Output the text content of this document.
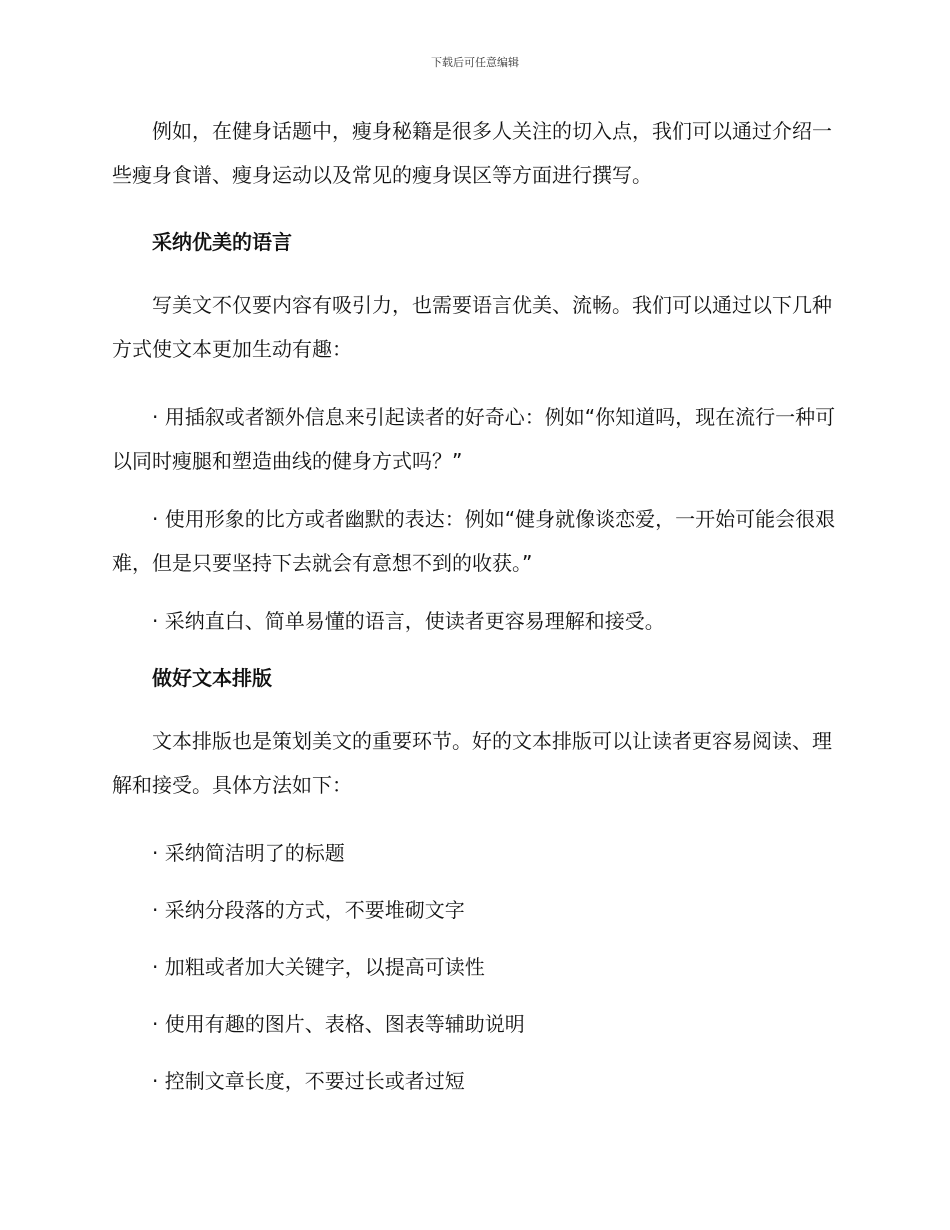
下载后可任意编辑

例如，在健身话题中，瘦身秘籍是很多人关注的切入点，我们可以通过介绍一些瘦身食谱、瘦身运动以及常见的瘦身误区等方面进行撰写。

采纳优美的语言

写美文不仅要内容有吸引力，也需要语言优美、流畅。我们可以通过以下几种方式使文本更加生动有趣：

· 用插叙或者额外信息来引起读者的好奇心：例如“你知道吗，现在流行一种可以同时瘦腿和塑造曲线的健身方式吗？”
· 使用形象的比方或者幽默的表达：例如“健身就像谈恋爱，一开始可能会很艰难，但是只要坚持下去就会有意想不到的收获。”
· 采纳直白、简单易懂的语言，使读者更容易理解和接受。
做好文本排版

文本排版也是策划美文的重要环节。好的文本排版可以让读者更容易阅读、理解和接受。具体方法如下：

· 采纳简洁明了的标题
· 采纳分段落的方式，不要堆砌文字
· 加粗或者加大关键字，以提高可读性
· 使用有趣的图片、表格、图表等辅助说明
· 控制文章长度，不要过长或者过短
